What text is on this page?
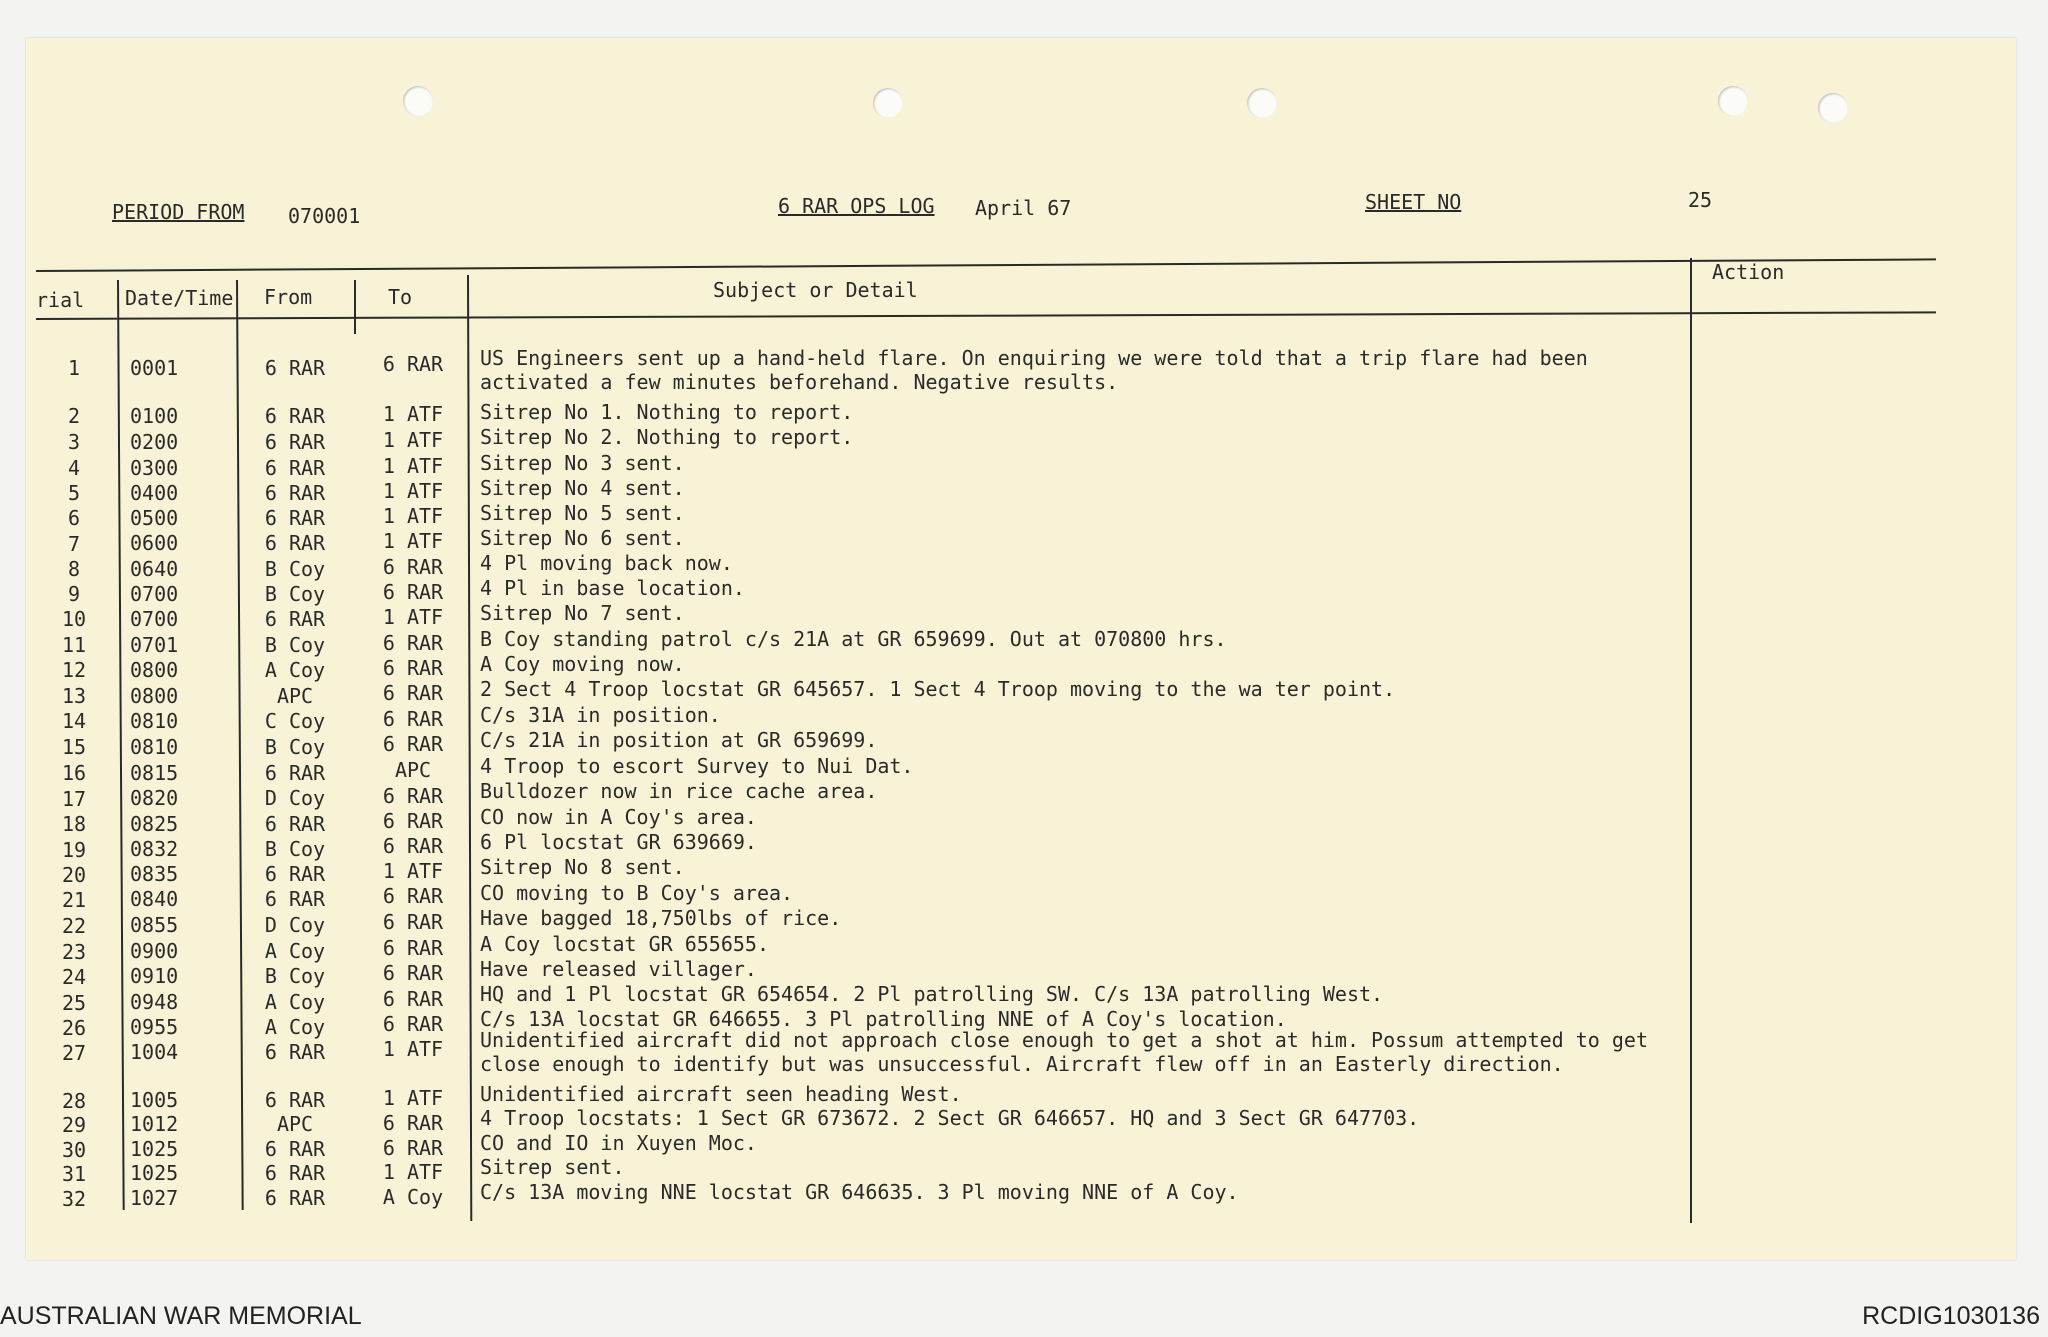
PERIOD FROM 070001	6 RAR OPS LOG April 67	SHEET NO	25
rial Date/Time From	To	Subject or Detail
Action
1	0001	6 RAR	6 RAR	US Engineers sent up a hand-held flare. On enquiring we were told that a trip flare had been activated a few minutes beforehand. Negative results.
2	0100	6 RAR	1 ATF	Sitrep No 1. Nothing to report.
3	0200	6 RAR	1 ATF	Sitrep No 2. Nothing to report.
4	0300	6 RAR	1 ATF	Sitrep No 3 sent.
5	0400	6 RAR	1 ATF	Sitrep No 4 sent.
6	0500	6 RAR	1 ATF	Sitrep No 5 sent.
7	0600	6 RAR	1 ATF	Sitrep No 6 sent.
8	0640	B Coy	6 RAR	4 Pl moving back now.
9	0700	B Coy	6 RAR	4 Pl in base location.
10	0700	6 RAR	1 ATF	Sitrep No 7 sent.
11	0701	B Coy	6 RAR	B Coy standing patrol c/s 21A at GR 659699. Out at 070800 hrs.
12	0800	A Coy	6 RAR	A Coy moving now.
13	0800	APC	6 RAR	2 Sect 4 Troop locstat GR 645657. 1 Sect 4 Troop moving to the wa ter point.
14	0810	C Coy	6 RAR	C/s 31A in position.
15	0810	B Coy	6 RAR	C/s 21A in position at GR 659699.
16	0815	6 RAR	APC	4 Troop to escort Survey to Nui Dat.
17	0820	D Coy	6 RAR	Bulldozer now in rice cache area.
18	0825	6 RAR	6 RAR	CO now in A Coy's area.
19	0832	B Coy	6 RAR	6 Pl locstat GR 639669.
20	0835	6 RAR	1 ATF	Sitrep No 8 sent.
21	0840	6 RAR	6 RAR	CO moving to B Coy's area.
22	0855	D Coy	6 RAR	Have bagged 18,750lbs of rice.
23	0900	A Coy	6 RAR	A Coy locstat GR 655655.
24	0910	B Coy	6 RAR	Have released villager.
25	0948	A Coy	6 RAR	HQ and 1 Pl locstat GR 654654. 2 Pl patrolling SW. C/s 13A patrolling West.
26	0955	A Coy	6 RAR	C/s 13A locstat GR 646655. 3 Pl patrolling NNE of A Coy's location.
27	1004	6 RAR	1 ATF	Unidentified aircraft did not approach close enough to get a shot at him. Possum attempted to get close enough to identify but was unsuccessful. Aircraft flew off in an Easterly direction.
28	1005	6 RAR	1 ATF	Unidentified aircraft seen heading West.
29	1012	APC	6 RAR	4 Troop locstats: 1 Sect GR 673672. 2 Sect GR 646657. HQ and 3 Sect GR 647703.
30	1025	6 RAR	6 RAR	CO and IO in Xuyen Moc.
31	1025	6 RAR	1 ATF	Sitrep sent.
32	1027	6 RAR	A Coy	C/s 13A moving NNE locstat GR 646635. 3 Pl moving NNE of A Coy.
AUSTRALIAN WAR MEMORIAL	RCDIG1030136
